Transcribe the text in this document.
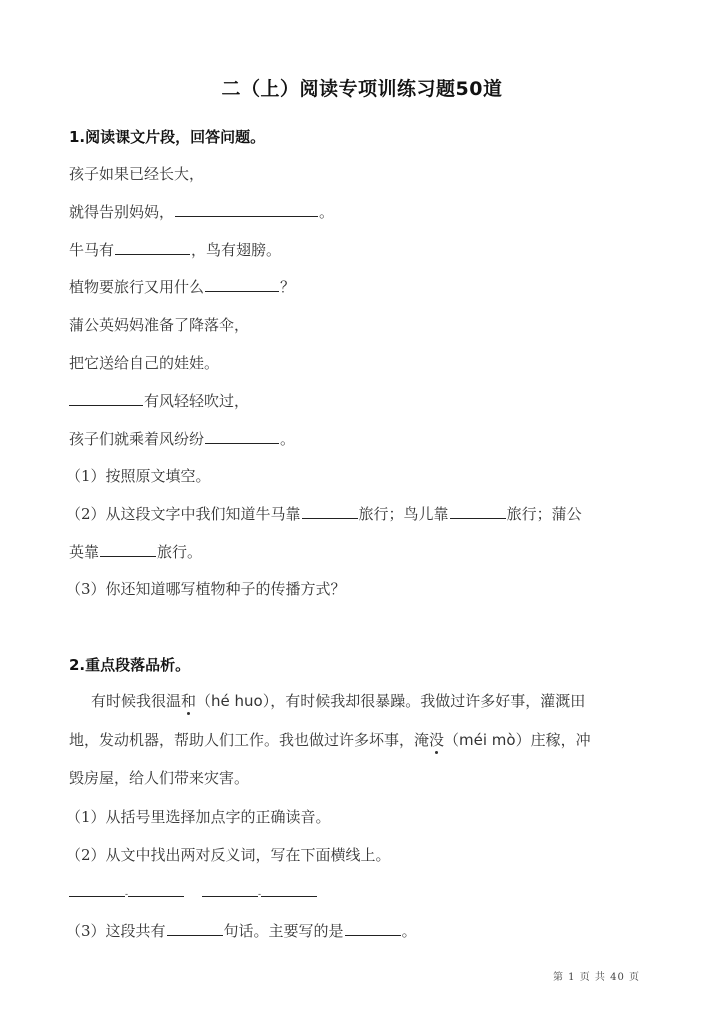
二（上）阅读专项训练习题50道
1.阅读课文片段，回答问题。
孩子如果已经长大，
就得告别妈妈，	。
牛马有	，鸟有翅膀。
植物要旅行又用什么	？
蒲公英妈妈准备了降落伞，
把它送给自己的娃娃。
有风轻轻吹过，
孩子们就乘着风纷纷	。
（1）按照原文填空。
（2）从这段文字中我们知道牛马靠	旅行；鸟儿靠	旅行；蒲公
英靠	旅行。
（3）你还知道哪写植物种子的传播方式？
2.重点段落品析。
有时候我很温和（hé huo），有时候我却很暴躁。我做过许多好事，灌溉田
地，发动机器，帮助人们工作。我也做过许多坏事，淹没（méi mò）庄稼，冲
毁房屋，给人们带来灾害。
（1）从括号里选择加点字的正确读音。
（2）从文中找出两对反义词，写在下面横线上。
-	-
（3）这段共有	句话。主要写的是	。
第 1 页 共 40 页
